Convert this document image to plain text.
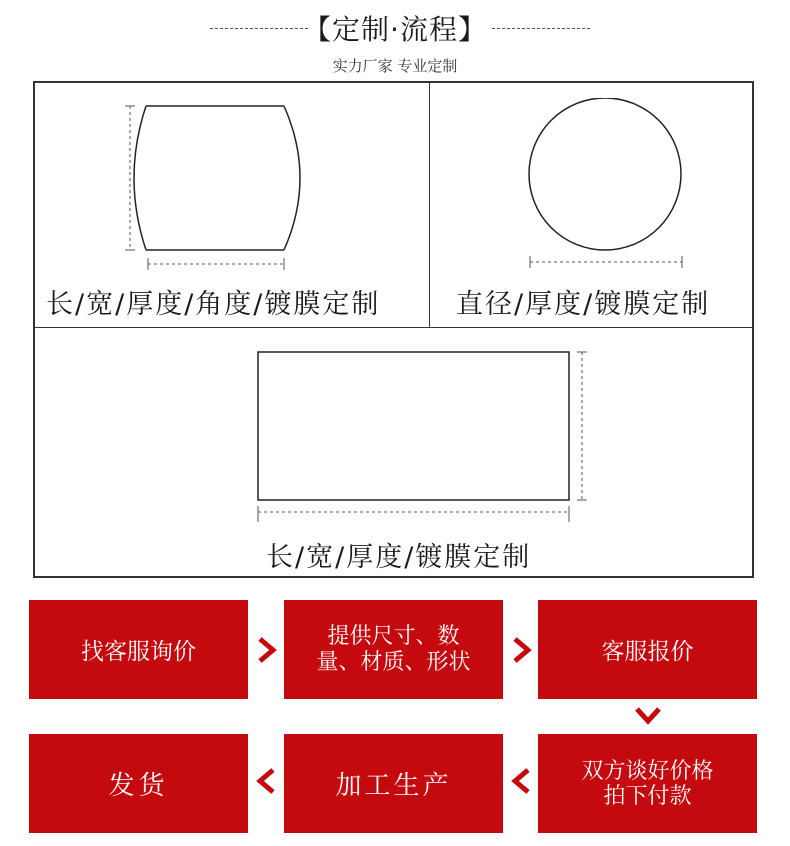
【定制·流程】
实力厂家 专业定制
长/宽/厚度/角度/镀膜定制	直径/厚度/镀膜定制
长/宽/厚度/镀膜定制
找客服询价
提供尺寸、数
量、材质、形状	客服报价
发货	加工生产	双方谈好价格
拍下付款
